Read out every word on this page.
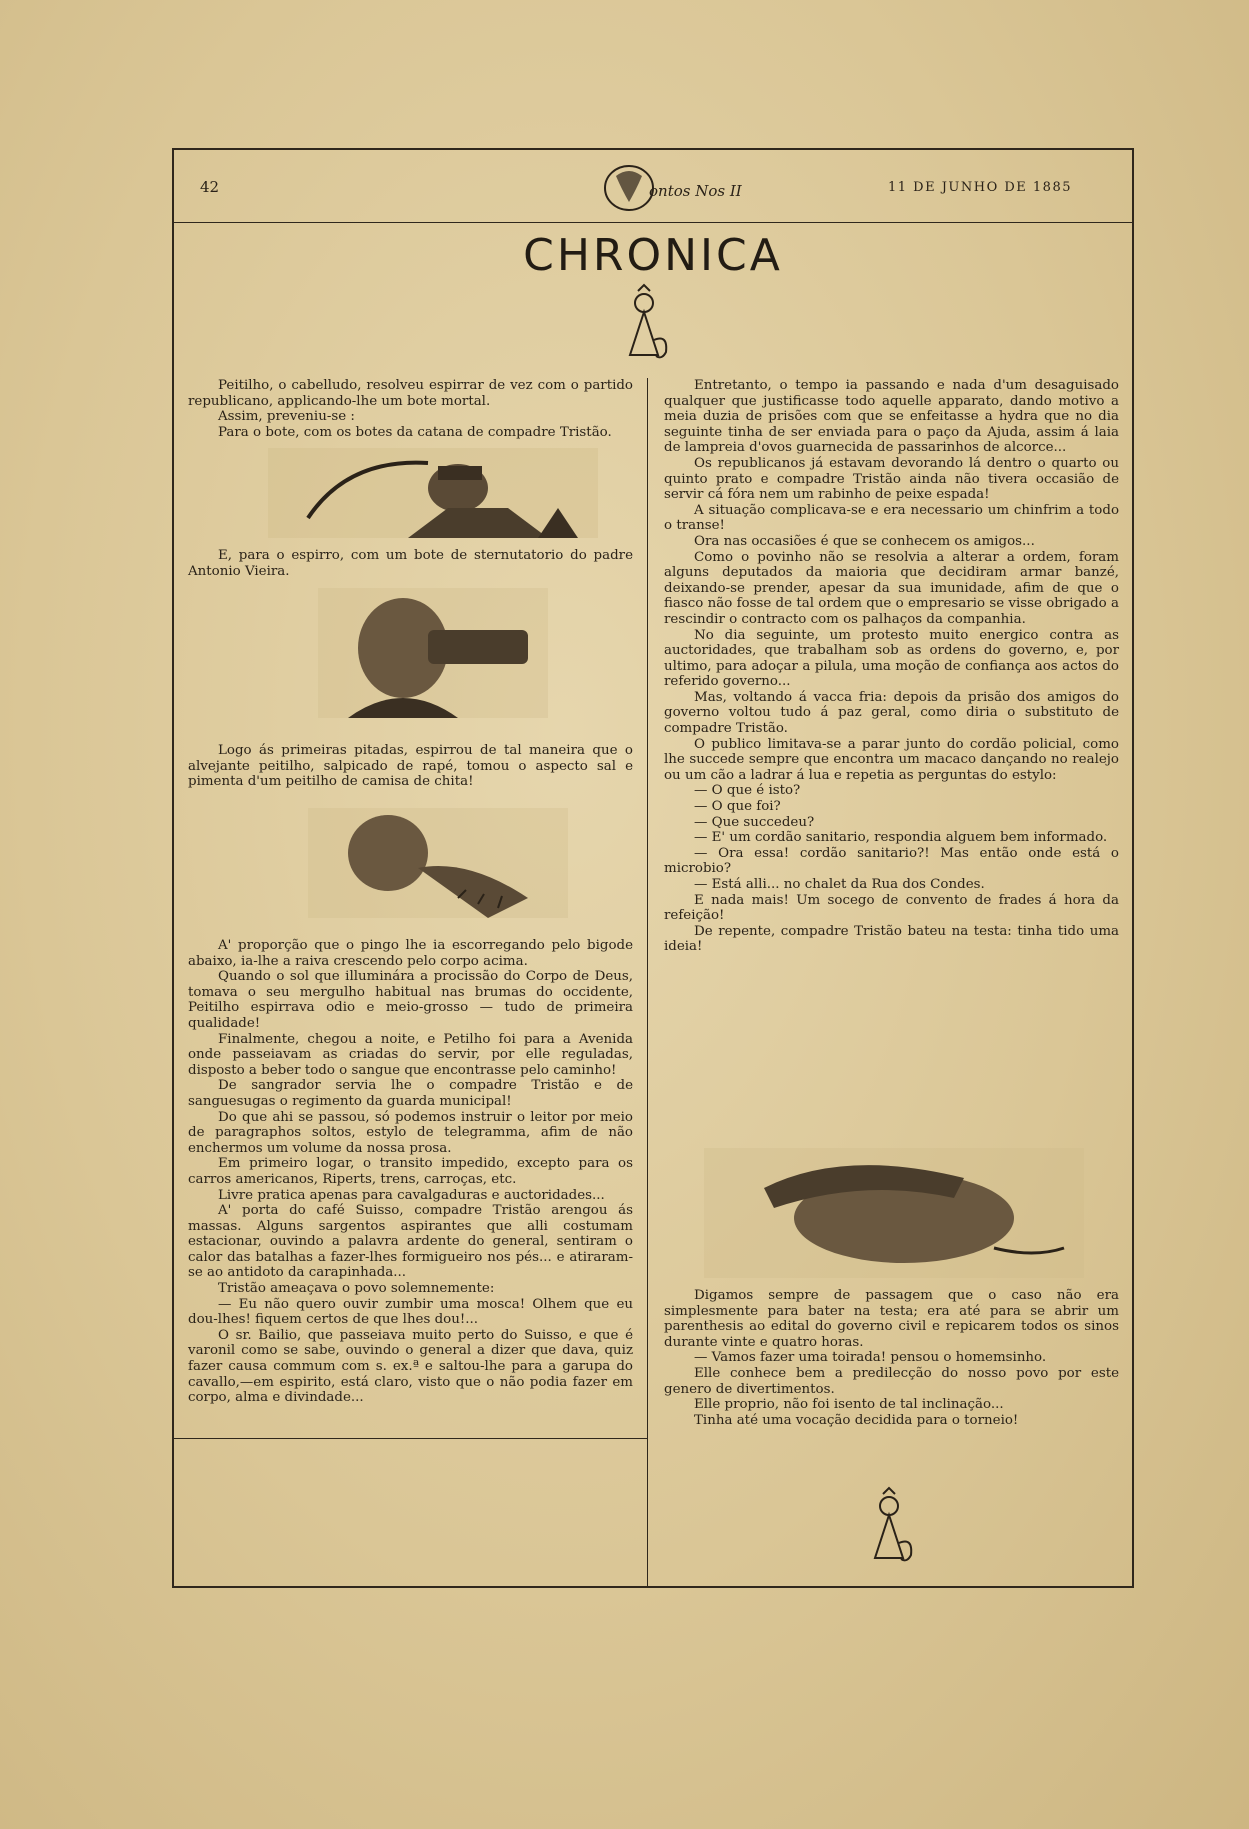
42	ontos Nos II	11 DE JUNHO DE 1885
CHRONICA

Peitilho, o cabelludo, resolveu espirrar de vez com o partido republicano, applicando-lhe um bote mortal.

Assim, preveniu-se :

Para o bote, com os botes da catana de compadre Tristão.

E, para o espirro, com um bote de sternutatorio do padre Antonio Vieira.

Logo ás primeiras pitadas, espirrou de tal maneira que o alvejante peitilho, salpicado de rapé, tomou o aspecto sal e pimenta d'um peitilho de camisa de chita!

A' proporção que o pingo lhe ia escorregando pelo bigode abaixo, ia-lhe a raiva crescendo pelo corpo acima.

Quando o sol que illuminára a procissão do Corpo de Deus, tomava o seu mergulho habitual nas brumas do occidente, Peitilho espirrava odio e meio-grosso — tudo de primeira qualidade!

Finalmente, chegou a noite, e Petilho foi para a Avenida onde passeiavam as criadas do servir, por elle reguladas, disposto a beber todo o sangue que encontrasse pelo caminho!

De sangrador servia lhe o compadre Tristão e de sanguesugas o regimento da guarda municipal!

Do que ahi se passou, só podemos instruir o leitor por meio de paragraphos soltos, estylo de telegramma, afim de não enchermos um volume da nossa prosa.

Em primeiro logar, o transito impedido, excepto para os carros americanos, Riperts, trens, carroças, etc.

Livre pratica apenas para cavalgaduras e auctoridades...

A' porta do café Suisso, compadre Tristão arengou ás massas. Alguns sargentos aspirantes que alli costumam estacionar, ouvindo a palavra ardente do general, sentiram o calor das batalhas a fazer-lhes formigueiro nos pés... e atiraram-se ao antidoto da carapinhada...

Tristão ameaçava o povo solemnemente:

— Eu não quero ouvir zumbir uma mosca! Olhem que eu dou-lhes! fiquem certos de que lhes dou!...

O sr. Bailio, que passeiava muito perto do Suisso, e que é varonil como se sabe, ouvindo o general a dizer que dava, quiz fazer causa commum com s. ex.ª e saltou-lhe para a garupa do cavallo,—em espirito, está claro, visto que o não podia fazer em corpo, alma e divindade...

Entretanto, o tempo ia passando e nada d'um desaguisado qualquer que justificasse todo aquelle apparato, dando motivo a meia duzia de prisões com que se enfeitasse a hydra que no dia seguinte tinha de ser enviada para o paço da Ajuda, assim á laia de lampreia d'ovos guarnecida de passarinhos de alcorce...

Os republicanos já estavam devorando lá dentro o quarto ou quinto prato e compadre Tristão ainda não tivera occasião de servir cá fóra nem um rabinho de peixe espada!

A situação complicava-se e era necessario um chinfrim a todo o transe!

Ora nas occasiões é que se conhecem os amigos...

Como o povinho não se resolvia a alterar a ordem, foram alguns deputados da maioria que decidiram armar banzé, deixando-se prender, apesar da sua imunidade, afim de que o fiasco não fosse de tal ordem que o empresario se visse obrigado a rescindir o contracto com os palhaços da companhia.

No dia seguinte, um protesto muito energico contra as auctoridades, que trabalham sob as ordens do governo, e, por ultimo, para adoçar a pilula, uma moção de confiança aos actos do referido governo...

Mas, voltando á vacca fria: depois da prisão dos amigos do governo voltou tudo á paz geral, como diria o substituto de compadre Tristão.

O publico limitava-se a parar junto do cordão policial, como lhe succede sempre que encontra um macaco dançando no realejo ou um cão a ladrar á lua e repetia as perguntas do estylo:

— O que é isto?

— O que foi?

— Que succedeu?

— E' um cordão sanitario, respondia alguem bem informado.

— Ora essa! cordão sanitario?! Mas então onde está o microbio?

— Está alli... no chalet da Rua dos Condes.

E nada mais! Um socego de convento de frades á hora da refeição!

De repente, compadre Tristão bateu na testa: tinha tido uma ideia!

Digamos sempre de passagem que o caso não era simplesmente para bater na testa; era até para se abrir um parenthesis ao edital do governo civil e repicarem todos os sinos durante vinte e quatro horas.

— Vamos fazer uma toirada! pensou o homemsinho.

Elle conhece bem a predilecção do nosso povo por este genero de divertimentos.

Elle proprio, não foi isento de tal inclinação...

Tinha até uma vocação decidida para o torneio!
